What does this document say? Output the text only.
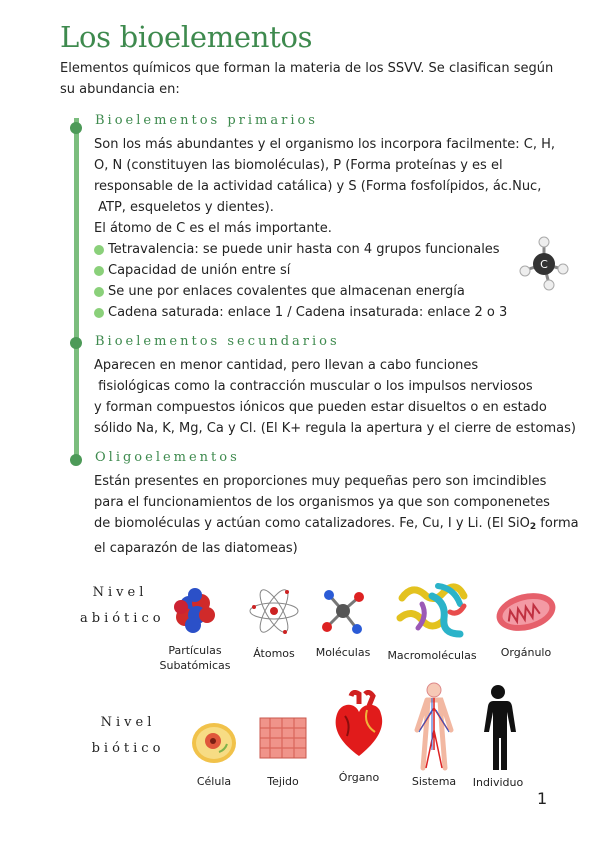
Los bioelementos
Elementos químicos que forman la materia de los SSVV. Se clasifican según
su abundancia en:
Bioelementos primarios

Son los más abundantes y el organismo los incorpora facilmente: C, H,

O, N (constituyen las biomoléculas), P (Forma proteínas y es el

responsable de la actividad catálica) y S (Forma fosfolípidos, ác.Nuc,

ATP, esqueletos y dientes).

El átomo de C es el más importante.

Tetravalencia: se puede unir hasta con 4 grupos funcionales
Capacidad de unión entre sí
Se une por enlaces covalentes que almacenan energía
Cadena saturada: enlace 1 / Cadena insaturada: enlace 2 o 3
C
Bioelementos secundarios

Aparecen en menor cantidad, pero llevan a cabo funciones

fisiológicas como la contracción muscular o los impulsos nerviosos

y forman compuestos iónicos que pueden estar disueltos o en estado

sólido Na, K, Mg, Ca y Cl. (El K+ regula la apertura y el cierre de estomas)

Oligoelementos

Están presentes en proporciones muy pequeñas pero son imcindibles

para el funcionamientos de los organismos ya que son componenetes

de biomoléculas y actúan como catalizadores. Fe, Cu, I y Li. (El SiO2 forma

el caparazón de las diatomeas)

Nivel
abiótico
Partículas
Subatómicas
Átomos	Moléculas	Macromoléculas	Orgánulo
Nivel
biótico
Célula	Tejido	Órgano	Sistema	Individuo
1
